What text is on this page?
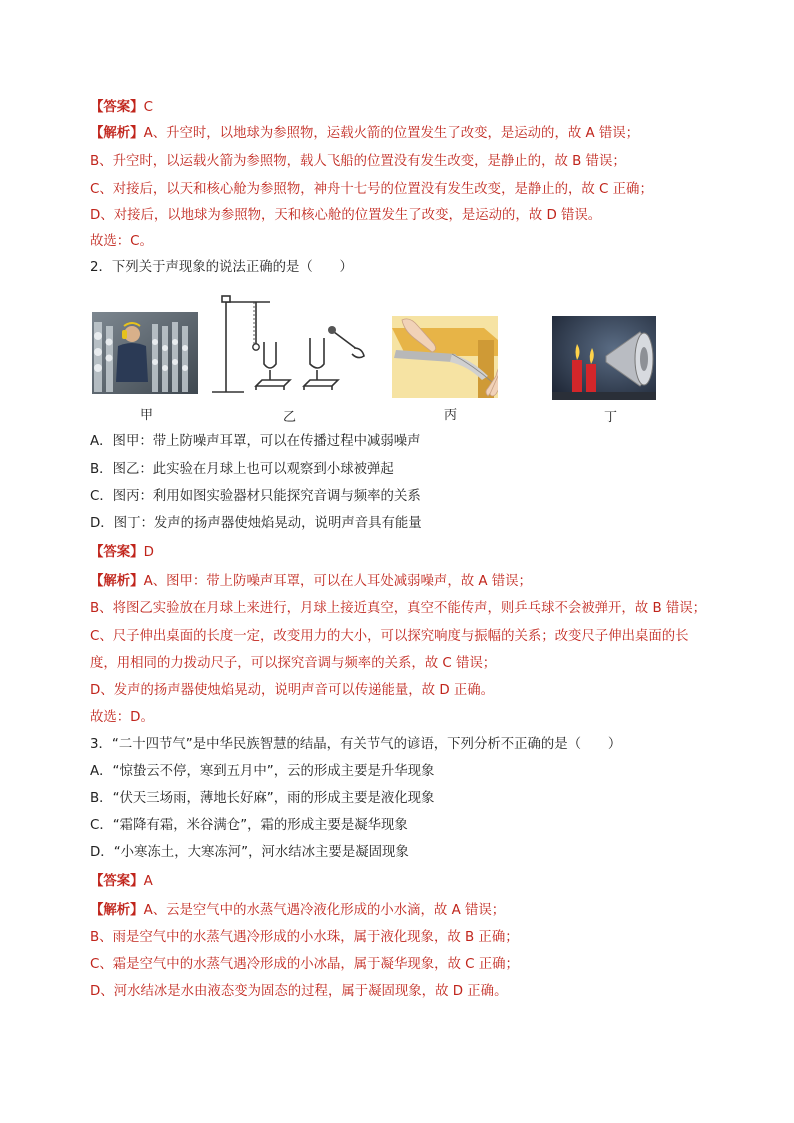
【答案】C
【解析】A、升空时，以地球为参照物，运载火箭的位置发生了改变，是运动的，故 A 错误；
B、升空时，以运载火箭为参照物，载人飞船的位置没有发生改变，是静止的，故 B 错误；
C、对接后，以天和核心舱为参照物，神舟十七号的位置没有发生改变，是静止的，故 C 正确；
D、对接后，以地球为参照物，天和核心舱的位置发生了改变，是运动的，故 D 错误。
故选：C。
2．下列关于声现象的说法正确的是（　　）
甲	乙	丙	丁
A．图甲：带上防噪声耳罩，可以在传播过程中减弱噪声
B．图乙：此实验在月球上也可以观察到小球被弹起
C．图丙：利用如图实验器材只能探究音调与频率的关系
D．图丁：发声的扬声器使烛焰晃动，说明声音具有能量
【答案】D
【解析】A、图甲：带上防噪声耳罩，可以在人耳处减弱噪声，故 A 错误；
B、将图乙实验放在月球上来进行，月球上接近真空，真空不能传声，则乒乓球不会被弹开，故 B 错误；
C、尺子伸出桌面的长度一定，改变用力的大小，可以探究响度与振幅的关系；改变尺子伸出桌面的长
度，用相同的力拨动尺子，可以探究音调与频率的关系，故 C 错误；
D、发声的扬声器使烛焰晃动，说明声音可以传递能量，故 D 正确。
故选：D。
3．“二十四节气”是中华民族智慧的结晶，有关节气的谚语，下列分析不正确的是（　　）
A．“惊蛰云不停，寒到五月中”，云的形成主要是升华现象
B．“伏天三场雨，薄地长好麻”，雨的形成主要是液化现象
C．“霜降有霜，米谷满仓”，霜的形成主要是凝华现象
D．“小寒冻土，大寒冻河”，河水结冰主要是凝固现象
【答案】A
【解析】A、云是空气中的水蒸气遇冷液化形成的小水滴，故 A 错误；
B、雨是空气中的水蒸气遇冷形成的小水珠，属于液化现象，故 B 正确；
C、霜是空气中的水蒸气遇冷形成的小冰晶，属于凝华现象，故 C 正确；
D、河水结冰是水由液态变为固态的过程，属于凝固现象，故 D 正确。
